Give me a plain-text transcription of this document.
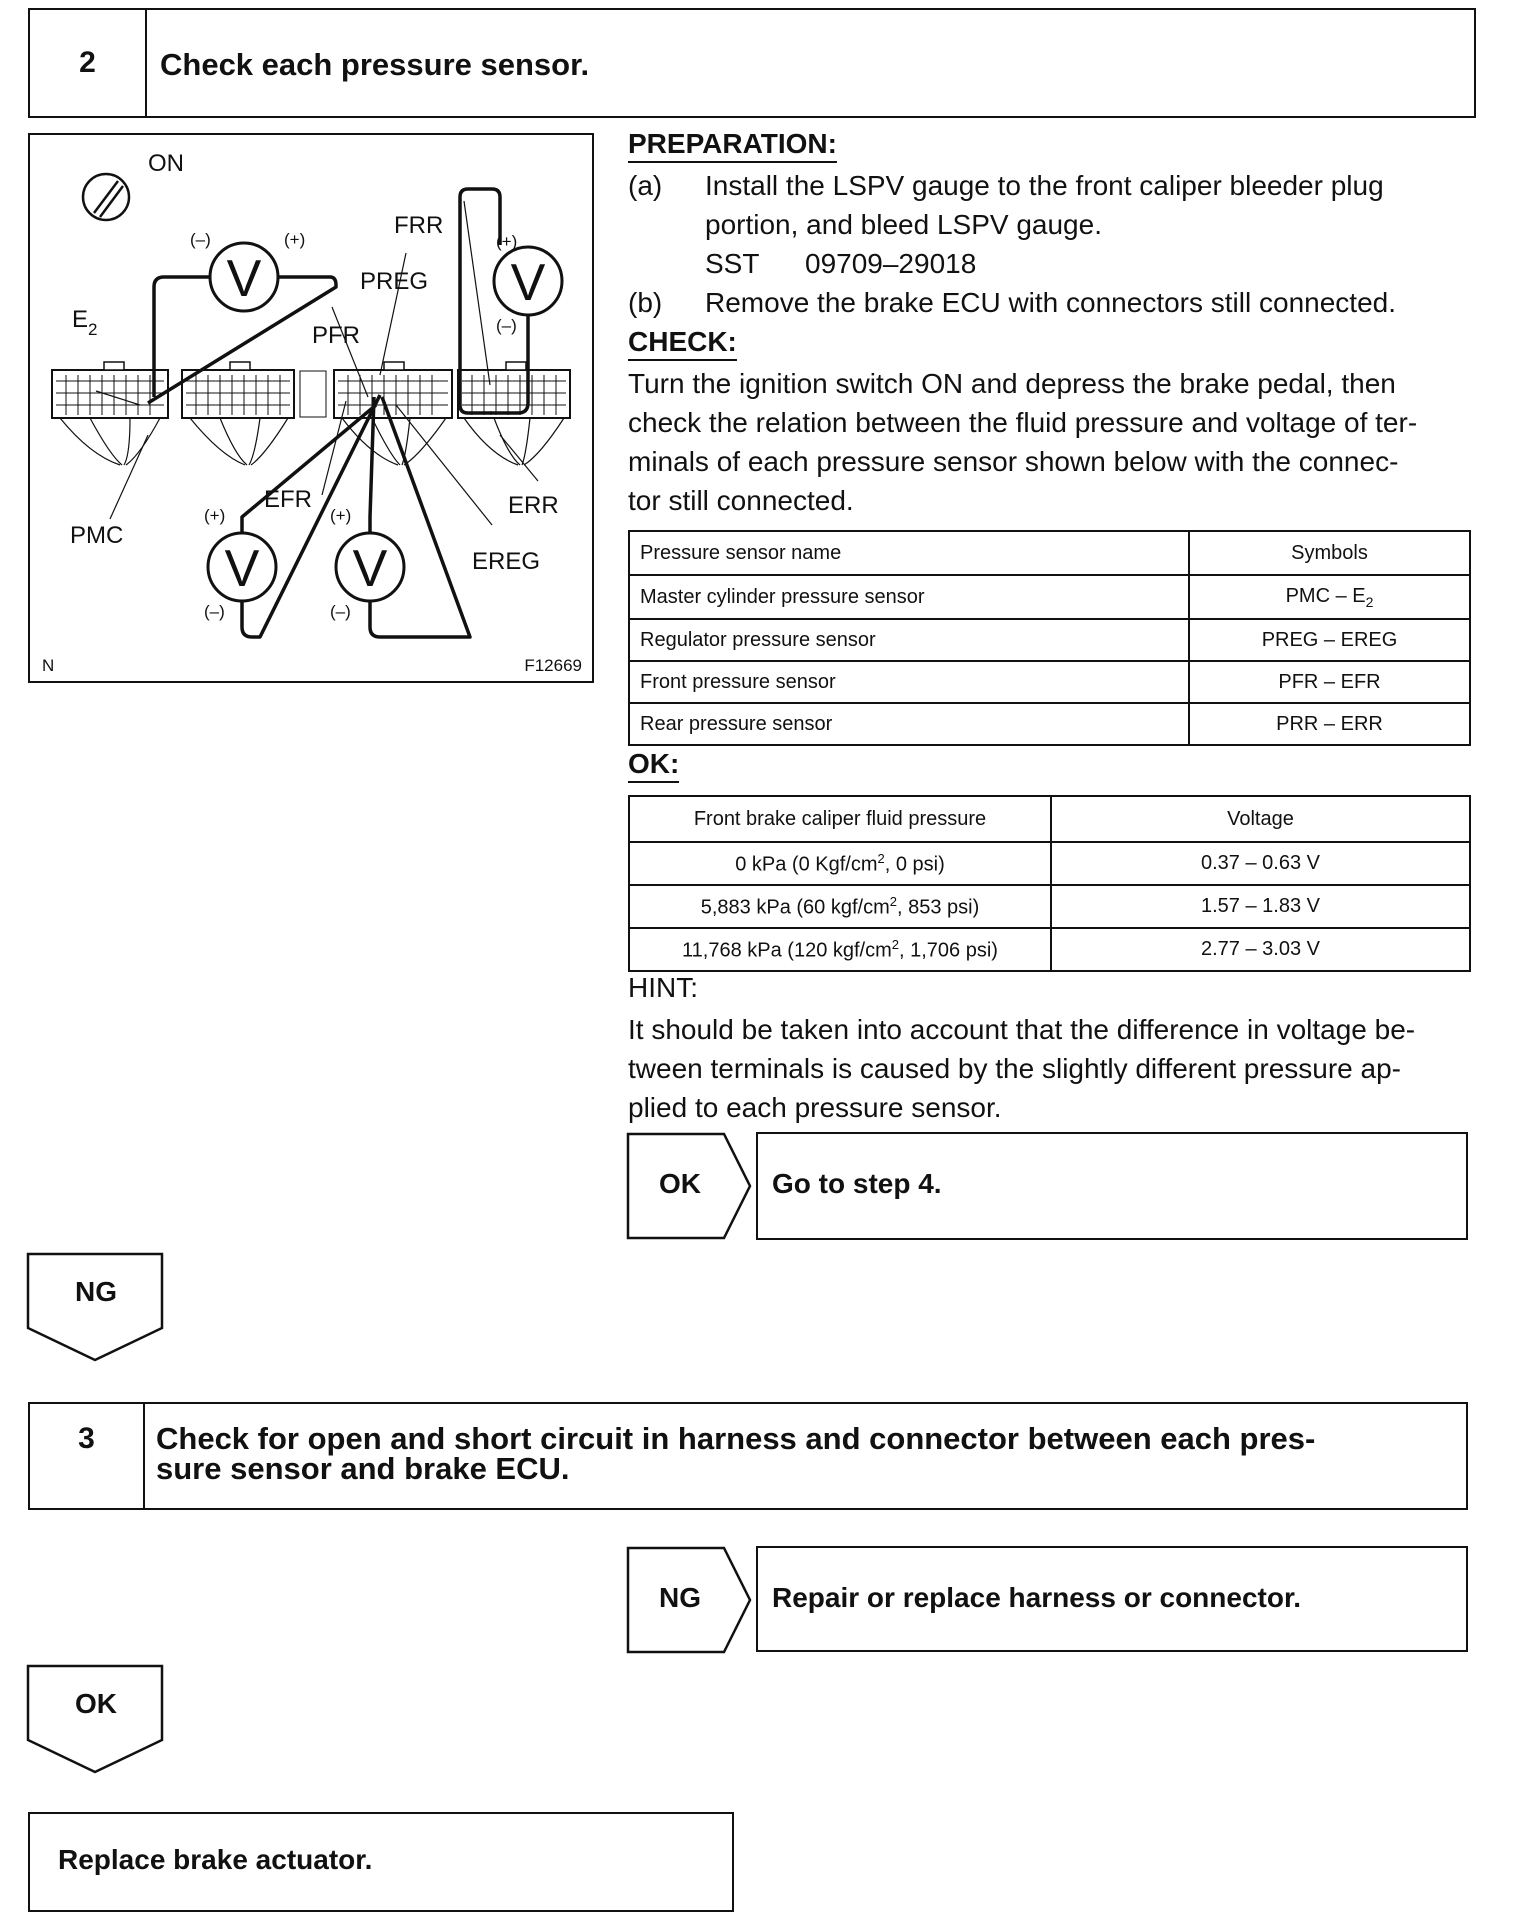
2	Check each pressure sensor.
ON
V	V
V V
(–)	(+)	(+)
(–)
(+)
(–)
(+)
(–)
$E_2$
PMC
EFR
PFR
PREG
FRR
ERR
EREG
N	F12669
PREPARATION:
(a) Install the LSPV gauge to the front caliper bleeder plug
portion, and bleed LSPV gauge.
SST 09709–29018
(b) Remove the brake ECU with connectors still connected.
CHECK:
Turn the ignition switch ON and depress the brake pedal, then
check the relation between the fluid pressure and voltage of ter-
minals of each pressure sensor shown below with the connec-
tor still connected.
Pressure sensor name	Symbols
Master cylinder pressure sensor	PMC – $E_2$
Regulator pressure sensor	PREG – EREG
Front pressure sensor	PFR – EFR
Rear pressure sensor	PRR – ERR
OK:
Front brake caliper fluid pressure	Voltage
0 kPa (0 Kgf/$cm^2$, 0 psi)	0.37 – 0.63 V
5,883 kPa (60 kgf/$cm^2$, 853 psi)	1.57 – 1.83 V
11,768 kPa (120 kgf/$cm^2$, 1,706 psi)	2.77 – 3.03 V
HINT:
It should be taken into account that the difference in voltage be-
tween terminals is caused by the slightly different pressure ap-
plied to each pressure sensor.
OK	Go to step 4.
NG
3	Check for open and short circuit in harness and connector between each pres-
sure sensor and brake ECU.
NG	Repair or replace harness or connector.
OK
Replace brake actuator.
